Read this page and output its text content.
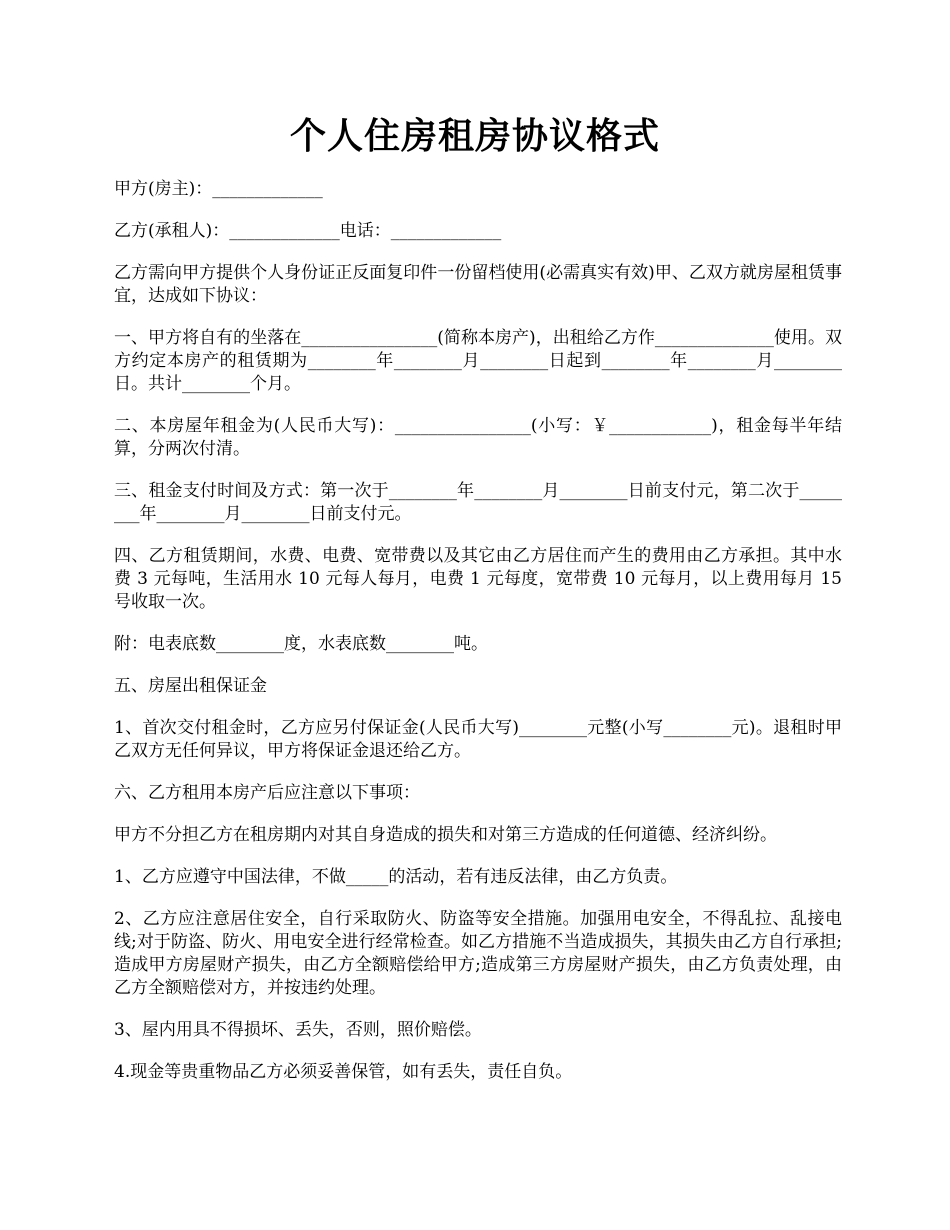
个人住房租房协议格式

甲方(房主)：_____________

乙方(承租人)：_____________电话：_____________

乙方需向甲方提供个人身份证正反面复印件一份留档使用(必需真实有效)甲、乙双方就房屋租赁事宜，达成如下协议：

一、甲方将自有的坐落在________________(简称本房产)，出租给乙方作______________使用。双方约定本房产的租赁期为________年________月________日起到________年________月________日。共计________个月。

二、本房屋年租金为(人民币大写)：________________(小写：￥____________)，租金每半年结算，分两次付清。

三、租金支付时间及方式：第一次于________年________月________日前支付元，第二次于________年________月________日前支付元。

四、乙方租赁期间，水费、电费、宽带费以及其它由乙方居住而产生的费用由乙方承担。其中水费 3 元每吨，生活用水 10 元每人每月，电费 1 元每度，宽带费 10 元每月，以上费用每月 15 号收取一次。

附：电表底数________度，水表底数________吨。

五、房屋出租保证金

1、首次交付租金时，乙方应另付保证金(人民币大写)________元整(小写________元)。退租时甲乙双方无任何异议，甲方将保证金退还给乙方。

六、乙方租用本房产后应注意以下事项：

甲方不分担乙方在租房期内对其自身造成的损失和对第三方造成的任何道德、经济纠纷。

1、乙方应遵守中国法律，不做_____的活动，若有违反法律，由乙方负责。

2、乙方应注意居住安全，自行采取防火、防盗等安全措施。加强用电安全，不得乱拉、乱接电线;对于防盗、防火、用电安全进行经常检查。如乙方措施不当造成损失，其损失由乙方自行承担;造成甲方房屋财产损失，由乙方全额赔偿给甲方;造成第三方房屋财产损失，由乙方负责处理，由乙方全额赔偿对方，并按违约处理。

3、屋内用具不得损坏、丢失，否则，照价赔偿。

4.现金等贵重物品乙方必须妥善保管，如有丢失，责任自负。
